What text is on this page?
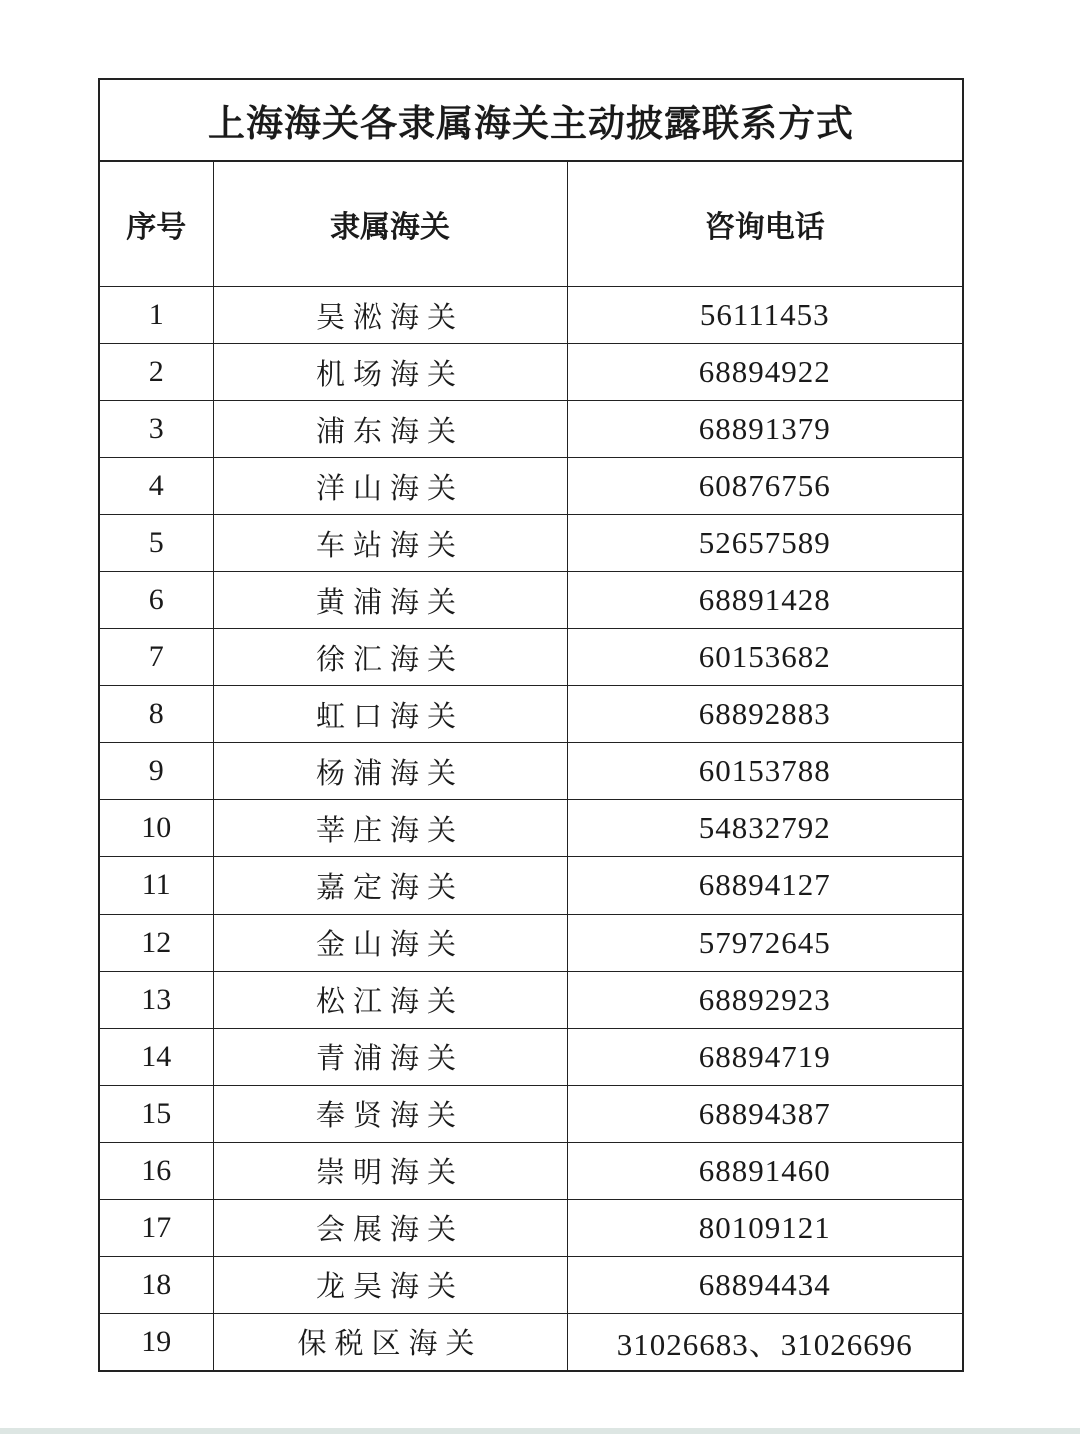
上海海关各隶属海关主动披露联系方式
序号	隶属海关	咨询电话
1	吴淞海关	56111453
2	机场海关	68894922
3	浦东海关	68891379
4	洋山海关	60876756
5	车站海关	52657589
6	黄浦海关	68891428
7	徐汇海关	60153682
8	虹口海关	68892883
9	杨浦海关	60153788
10	莘庄海关	54832792
11	嘉定海关	68894127
12	金山海关	57972645
13	松江海关	68892923
14	青浦海关	68894719
15	奉贤海关	68894387
16	崇明海关	68891460
17	会展海关	80109121
18	龙吴海关	68894434
19	保税区海关	31026683、31026696
